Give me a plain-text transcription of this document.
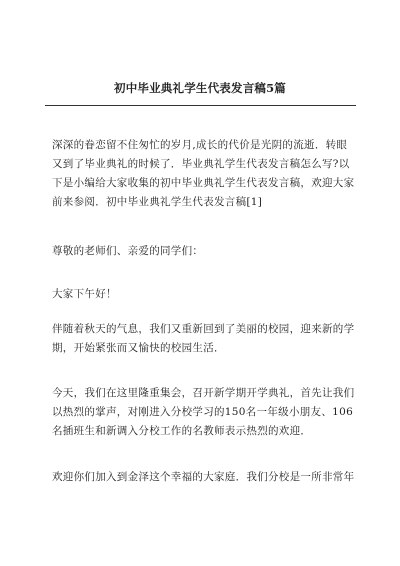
初中毕业典礼学生代表发言稿5篇

深深的眷恋留不住匆忙的岁月,成长的代价是光阴的流逝．转眼
又到了毕业典礼的时候了．毕业典礼学生代表发言稿怎么写?以
下是小编给大家收集的初中毕业典礼学生代表发言稿，欢迎大家
前来参阅．初中毕业典礼学生代表发言稿[1]

尊敬的老师们、亲爱的同学们：

大家下午好！

伴随着秋天的气息，我们又重新回到了美丽的校园，迎来新的学
期，开始紧张而又愉快的校园生活．

今天，我们在这里隆重集会，召开新学期开学典礼，首先让我们
以热烈的掌声，对刚进入分校学习的150名一年级小朋友、106
名插班生和新调入分校工作的名教师表示热烈的欢迎．

欢迎你们加入到金泽这个幸福的大家庭．我们分校是一所非常年
